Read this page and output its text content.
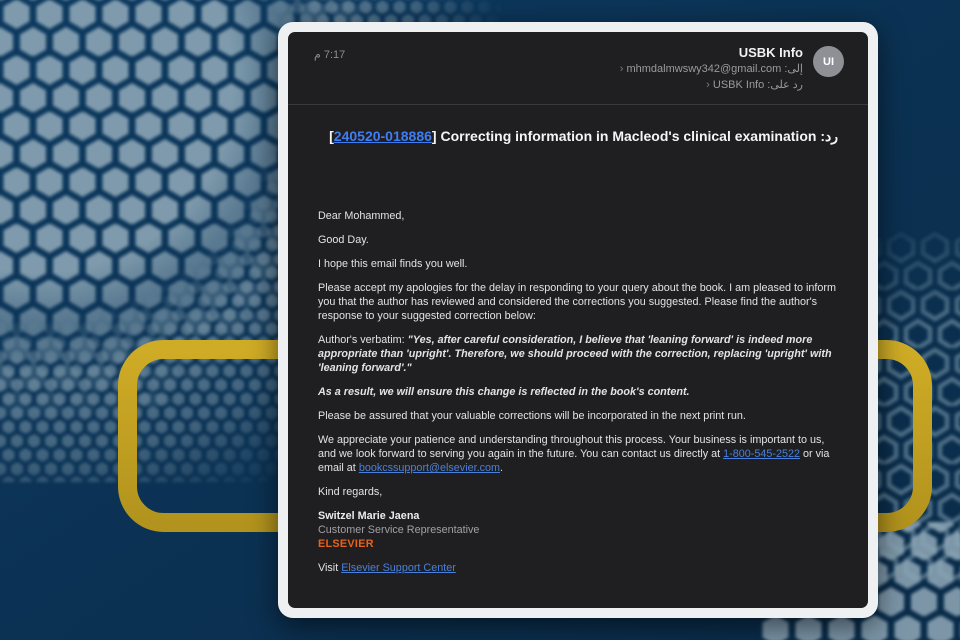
7:17 م	USBK Info
إلى: mhmdalmwswy342@gmail.com ‹
رد على: USBK Info ‹
UI
رد: Correcting information in Macleod's clinical examination [240520-018886]

Dear Mohammed,

Good Day.

I hope this email finds you well.

Please accept my apologies for the delay in responding to your query about the book. I am pleased to inform you that the author has reviewed and considered the corrections you suggested. Please find the author's response to your suggested correction below:

Author's verbatim: "Yes, after careful consideration, I believe that 'leaning forward' is indeed more appropriate than 'upright'. Therefore, we should proceed with the correction, replacing 'upright' with 'leaning forward'."

As a result, we will ensure this change is reflected in the book's content.

Please be assured that your valuable corrections will be incorporated in the next print run.

We appreciate your patience and understanding throughout this process. Your business is important to us, and we look forward to serving you again in the future. You can contact us directly at 1-800-545-2522 or via email at bookcssupport@elsevier.com.

Kind regards,

Switzel Marie Jaena
Customer Service Representative
ELSEVIER

Visit Elsevier Support Center
